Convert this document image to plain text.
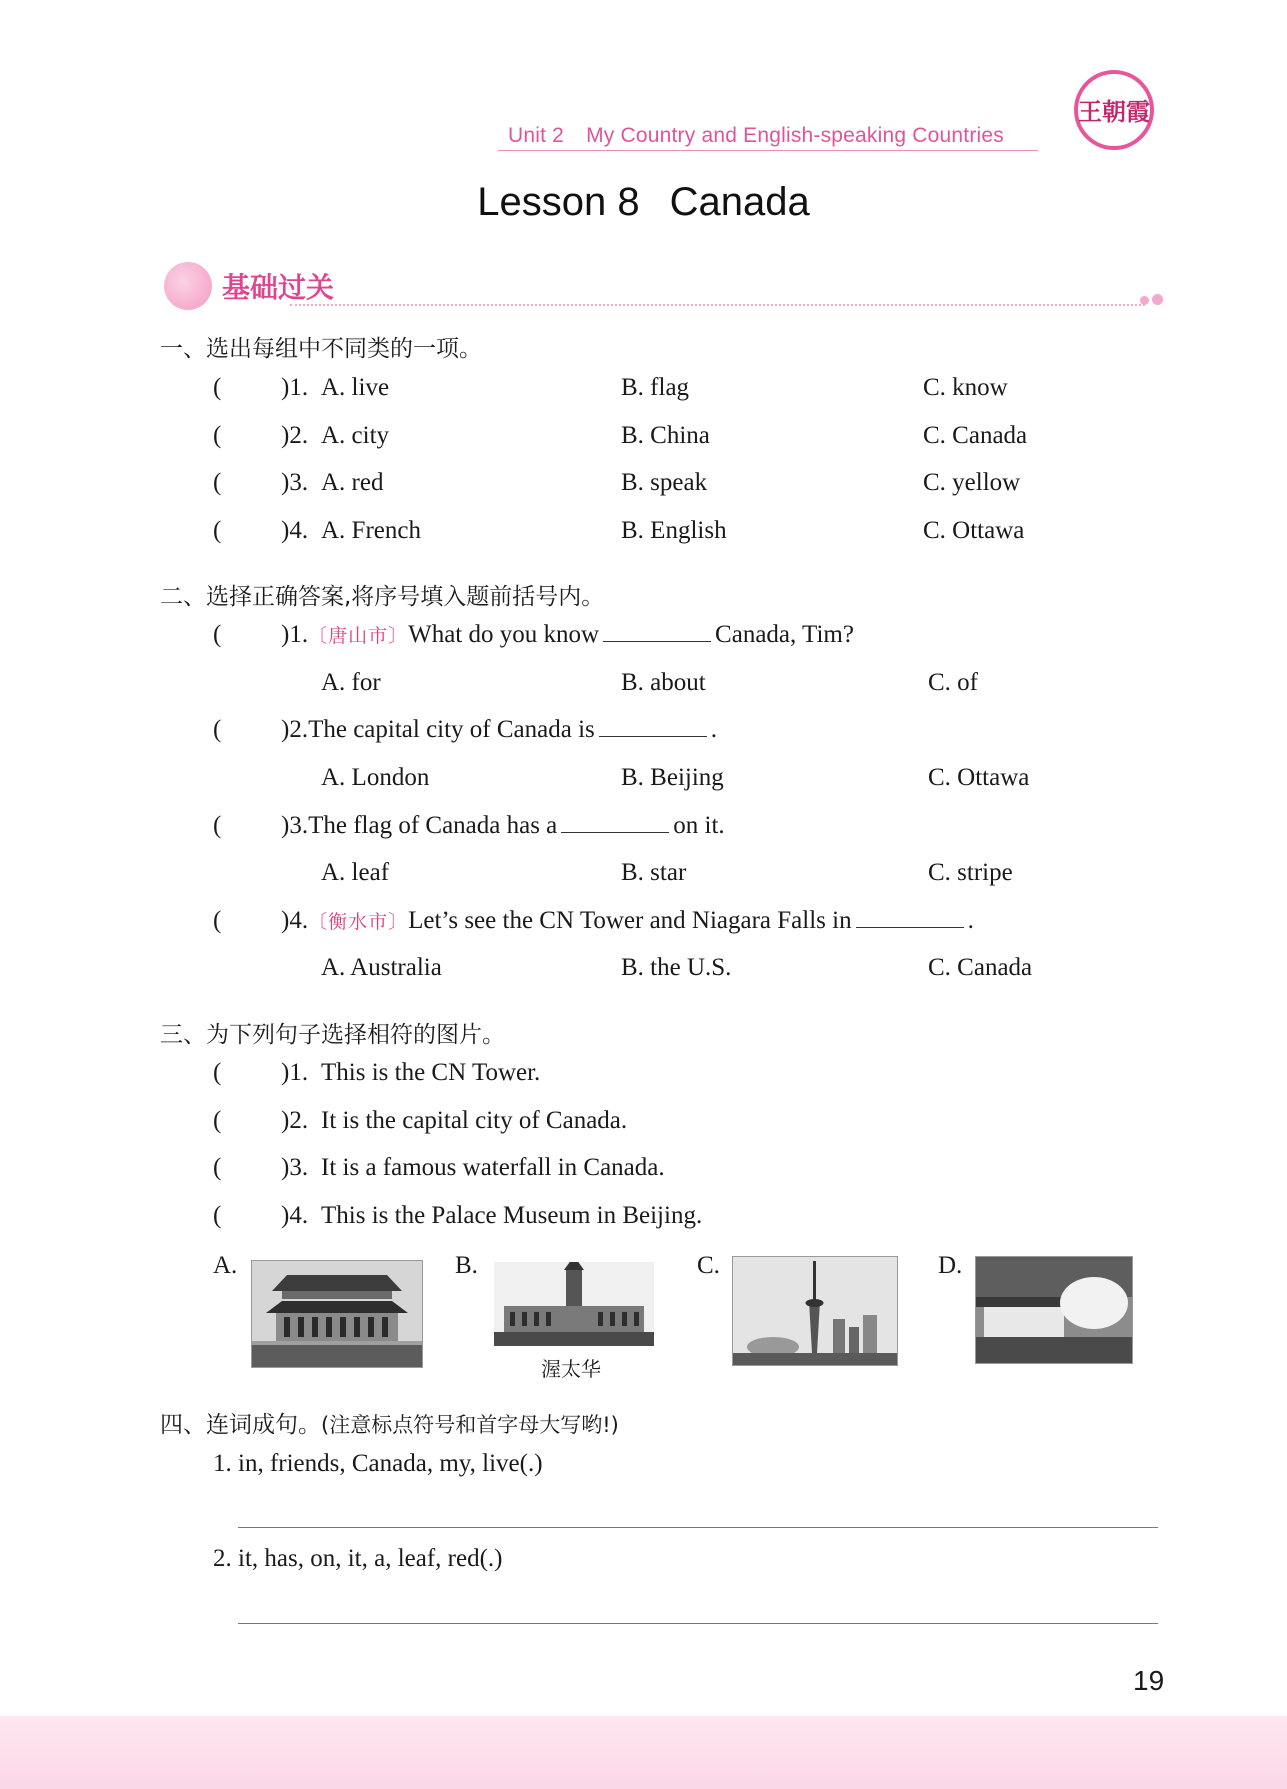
王朝霞
Unit 2 My Country and English-speaking Countries
Lesson 8 Canada
基础过关
一、选出每组中不同类的一项。
( )1. A. live	B. flag	C. know
( )2. A. city	B. China	C. Canada
( )3. A. red	B. speak	C. yellow
( )4. A. French	B. English	C. Ottawa
二、选择正确答案,将序号填入题前括号内。
( )1.〔唐山市〕What do you know	Canada, Tim?
A. for	B. about	C. of
( )2.The capital city of Canada is	.
A. London	B. Beijing	C. Ottawa
( )3.The flag of Canada has a	on it.
A. leaf	B. star	C. stripe
( )4.〔衡水市〕Let’s see the CN Tower and Niagara Falls in	.
A. Australia	B. the U.S.	C. Canada
三、为下列句子选择相符的图片。
( )1. This is the CN Tower.
( )2. It is the capital city of Canada.
( )3. It is a famous waterfall in Canada.
( )4. This is the Palace Museum in Beijing.
A.	B.
渥太华
C.	D.
四、连词成句。(注意标点符号和首字母大写哟!)
1. in, friends, Canada, my, live(.)
2. it, has, on, it, a, leaf, red(.)
19
